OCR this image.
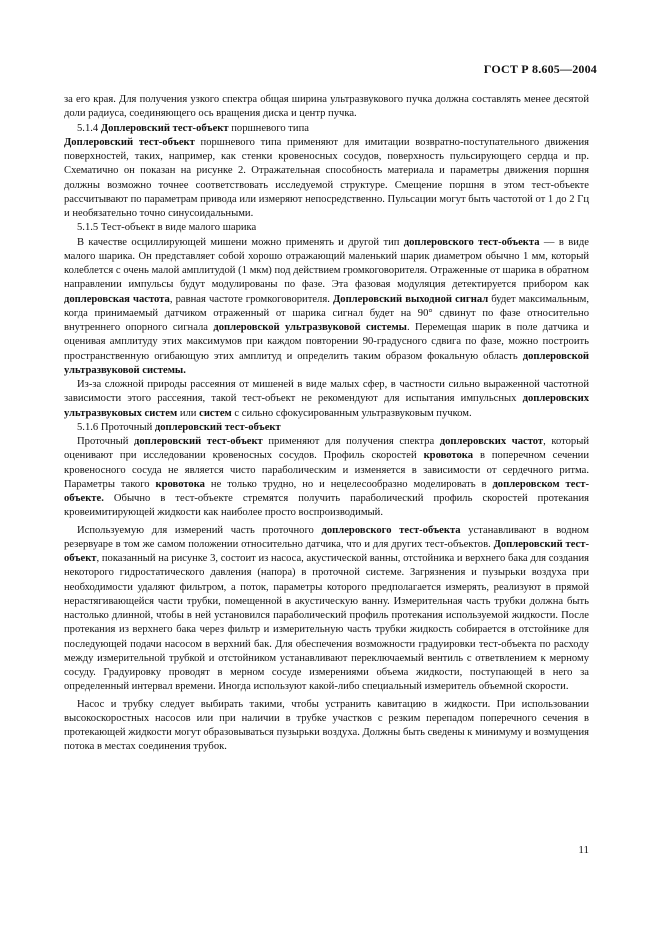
ГОСТ Р 8.605—2004

за его края. Для получения узкого спектра общая ширина ультразвукового пучка должна составлять менее десятой доли радиуса, соединяющего ось вращения диска и центр пучка.

5.1.4 Доплеровский тест-объект поршневого типа

Доплеровский тест-объект поршневого типа применяют для имитации возвратно-поступательного движения поверхностей, таких, например, как стенки кровеносных сосудов, поверхность пульсирующего сердца и пр. Схематично он показан на рисунке 2. Отражательная способность материала и параметры движения поршня должны возможно точнее соответствовать исследуемой структуре. Смещение поршня в этом тест-объекте рассчитывают по параметрам привода или измеряют непосредственно. Пульсации могут быть частотой от 1 до 2 Гц и необязательно точно синусоидальными.

5.1.5 Тест-объект в виде малого шарика

В качестве осциллирующей мишени можно применять и другой тип доплеровского тест-объекта — в виде малого шарика. Он представляет собой хорошо отражающий маленький шарик диаметром обычно 1 мм, который колеблется с очень малой амплитудой (1 мкм) под действием громкоговорителя. Отраженные от шарика в обратном направлении импульсы будут модулированы по фазе. Эта фазовая модуляция детектируется прибором как доплеровская частота, равная частоте громкоговорителя. Доплеровский выходной сигнал будет максимальным, когда принимаемый датчиком отраженный от шарика сигнал будет на 90° сдвинут по фазе относительно внутреннего опорного сигнала доплеровской ультразвуковой системы. Перемещая шарик в поле датчика и оценивая амплитуду этих максимумов при каждом повторении 90-градусного сдвига по фазе, можно построить пространственную огибающую этих амплитуд и определить таким образом фокальную область доплеровской ультразвуковой системы.

Из-за сложной природы рассеяния от мишеней в виде малых сфер, в частности сильно выраженной частотной зависимости этого рассеяния, такой тест-объект не рекомендуют для испытания импульсных доплеровских ультразвуковых систем или систем с сильно сфокусированным ультразвуковым пучком.

5.1.6 Проточный доплеровский тест-объект

Проточный доплеровский тест-объект применяют для получения спектра доплеровских частот, который оценивают при исследовании кровеносных сосудов. Профиль скоростей кровотока в поперечном сечении кровеносного сосуда не является чисто параболическим и изменяется в зависимости от сердечного ритма. Параметры такого кровотока не только трудно, но и нецелесообразно моделировать в доплеровском тест-объекте. Обычно в тест-объекте стремятся получить параболический профиль скоростей протекания кровеимитирующей жидкости как наиболее просто воспроизводимый.

Используемую для измерений часть проточного доплеровского тест-объекта устанавливают в водном резервуаре в том же самом положении относительно датчика, что и для других тест-объектов. Доплеровский тест-объект, показанный на рисунке 3, состоит из насоса, акустической ванны, отстойника и верхнего бака для создания некоторого гидростатического давления (напора) в проточной системе. Загрязнения и пузырьки воздуха при необходимости удаляют фильтром, а поток, параметры которого предполагается измерять, реализуют в прямой нерастягивающейся части трубки, помещенной в акустическую ванну. Измерительная часть трубки должна быть настолько длинной, чтобы в ней установился параболический профиль протекания используемой жидкости. После протекания из верхнего бака через фильтр и измерительную часть трубки жидкость собирается в отстойнике для последующей подачи насосом в верхний бак. Для обеспечения возможности градуировки тест-объекта по расходу между измерительной трубкой и отстойником устанавливают переключаемый вентиль с ответвлением к мерному сосуду. Градуировку проводят в мерном сосуде измерениями объема жидкости, поступающей в него за определенный интервал времени. Иногда используют какой-либо специальный измеритель объемной скорости.

Насос и трубку следует выбирать такими, чтобы устранить кавитацию в жидкости. При использовании высокоскоростных насосов или при наличии в трубке участков с резким перепадом поперечного сечения в протекающей жидкости могут образовываться пузырьки воздуха. Должны быть сведены к минимуму и возмущения потока в местах соединения трубок.

11
